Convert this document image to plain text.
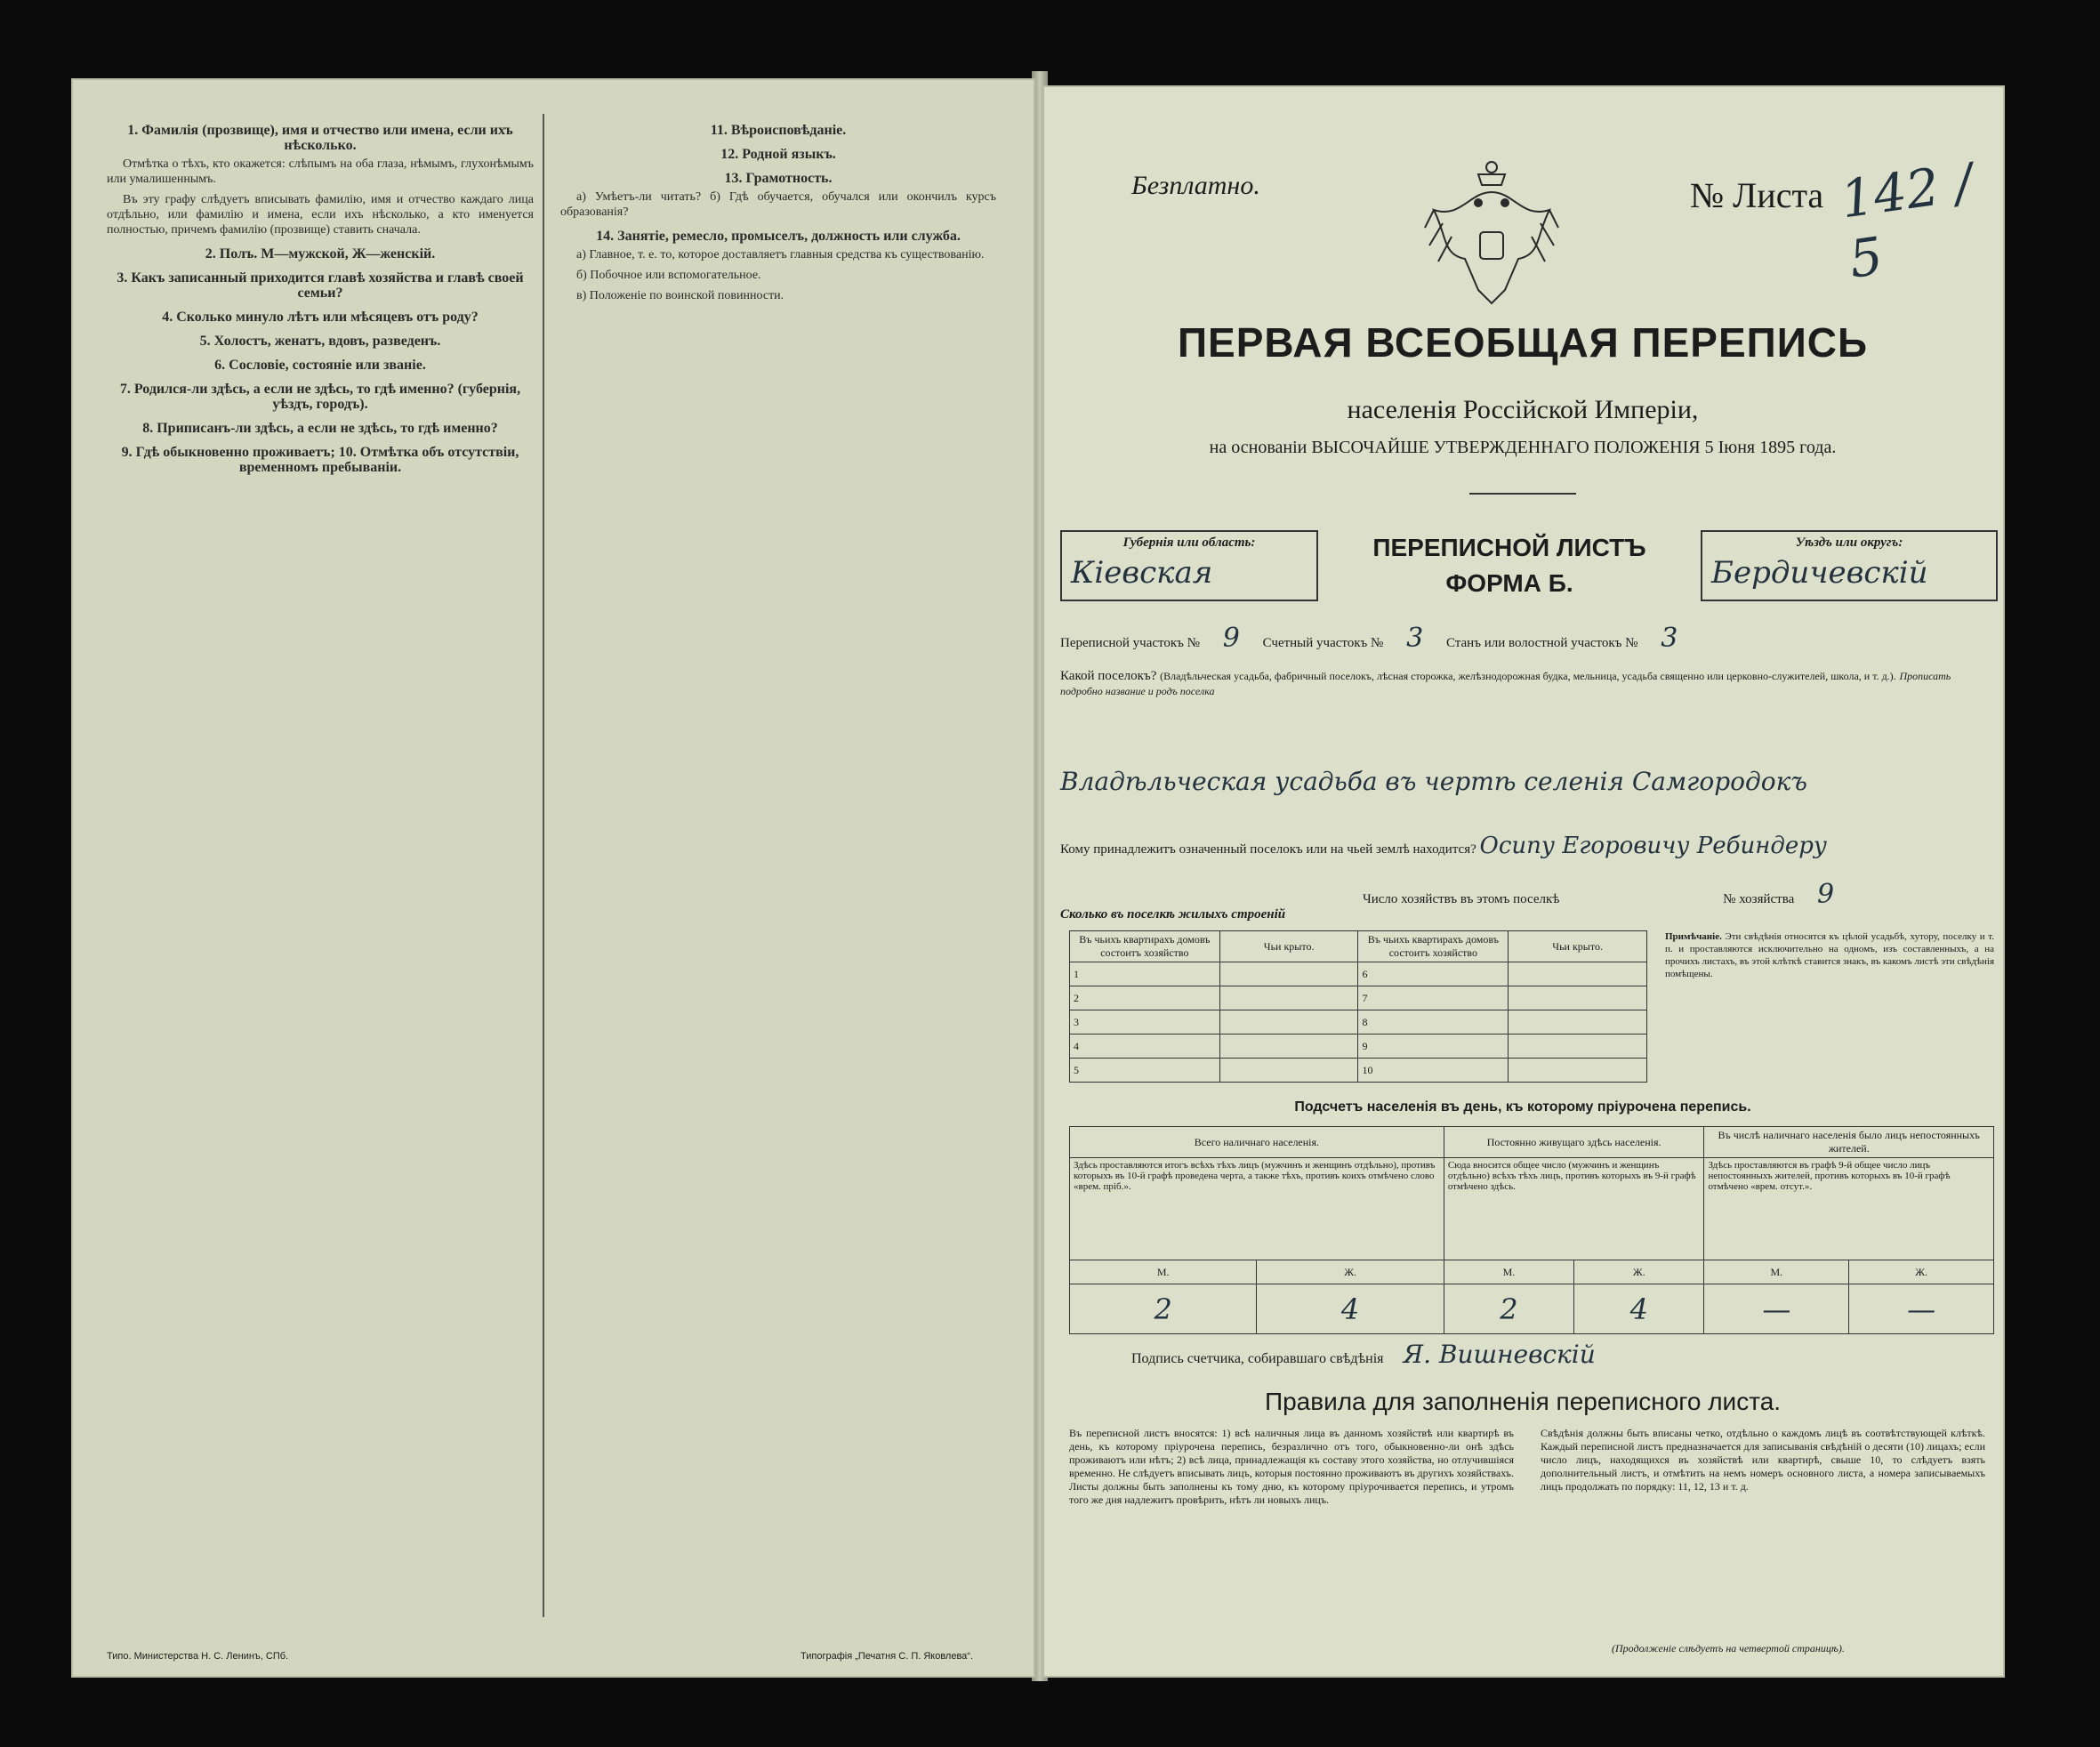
1. Фамилія (прозвище), имя и отчество или имена, если ихъ нѣсколько.

Отмѣтка о тѣхъ, кто окажется: слѣпымъ на оба глаза, нѣмымъ, глухонѣмымъ или умалишеннымъ.

Въ эту графу слѣдуетъ вписывать фамилію, имя и отчество каждаго лица отдѣльно, или фамилію и имена, если ихъ нѣсколько, а кто именуется полностью, причемъ фамилію (прозвище) ставить сначала.

2. Полъ. М—мужской, Ж—женскій.
3. Какъ записанный приходится главѣ хозяйства и главѣ своей семьи?
4. Сколько минуло лѣтъ или мѣсяцевъ отъ роду?
5. Холостъ, женатъ, вдовъ, разведенъ.
6. Сословіе, состояніе или званіе.
7. Родился-ли здѣсь, а если не здѣсь, то гдѣ именно? (губернія, уѣздъ, городъ).
8. Приписанъ-ли здѣсь, а если не здѣсь, то гдѣ именно?
9. Гдѣ обыкновенно проживаетъ; 10. Отмѣтка объ отсутствіи, временномъ пребываніи.
11. Вѣроисповѣданіе.
12. Родной языкъ.
13. Грамотность.

а) Умѣетъ-ли читать? б) Гдѣ обучается, обучался или окончилъ курсъ образованія?

14. Занятіе, ремесло, промыселъ, должность или служба.

а) Главное, т. е. то, которое доставляетъ главныя средства къ существованію.

б) Побочное или вспомогательное.

в) Положеніе по воинской повинности.

Типо. Министерства Н. С. Ленинъ, СПб.	Типографія „Печатня С. П. Яковлева“.
Безплатно.	№ Листа 142 / 5
ПЕРВАЯ ВСЕОБЩАЯ ПЕРЕПИСЬ
населенія Россійской Имперіи,
на основаніи ВЫСОЧАЙШЕ УТВЕРЖДЕННАГО ПОЛОЖЕНІЯ 5 Іюня 1895 года.
Губернія или область:
Кіевская
ПЕРЕПИСНОЙ ЛИСТЪ
ФОРМА Б.
Уѣздъ или округъ:
Бердичевскій
Переписной участокъ № 9 Счетный участокъ № 3 Станъ или волостной участокъ № 3
Какой поселокъ? (Владѣльческая усадьба, фабричный поселокъ, лѣсная сторожка, желѣзнодорожная будка, мельница, усадьба священно или церковно-служителей, школа, и т. д.). Прописать подробно название и родъ поселка
Владѣльческая усадьба въ чертѣ селенія Самгородокъ
Кому принадлежитъ означенный поселокъ или на чьей землѣ находится? Осипу Егоровичу Ребиндеру
Число хозяйствъ въ этомъ поселкѣ	№ хозяйства 9
Сколько въ поселкѣ жилыхъ строеній
Въ чьихъ квартирахъ домовъ состоитъ хозяйство	Чьи крыто.	Въ чьихъ квартирахъ домовъ состоитъ хозяйство	Чьи крыто.
1		6	
2		7	
3		8	
4		9	
5		10	
Примѣчаніе. Эти свѣдѣнія относятся къ цѣлой усадьбѣ, хутору, поселку и т. п. и проставляются исключительно на одномъ, изъ составленныхъ, а на прочихъ листахъ, въ этой клѣткѣ ставится знакъ, въ какомъ листѣ эти свѣдѣнія помѣщены.
Подсчетъ населенія въ день, къ которому пріурочена перепись.
Всего наличнаго населенія.		Постоянно живущаго здѣсь населенія.		Въ числѣ наличнаго населенія было лицъ непостоянныхъ жителей.	
Здѣсь проставляются итогъ всѣхъ тѣхъ лицъ (мужчинъ и женщинъ отдѣльно), противъ которыхъ въ 10-й графѣ проведена черта, а также тѣхъ, противъ коихъ отмѣчено слово «врем. пріб.».		Сюда вносится общее число (мужчинъ и женщинъ отдѣльно) всѣхъ тѣхъ лицъ, противъ которыхъ въ 9-й графѣ отмѣчено здѣсь.		Здѣсь проставляются въ графѣ 9-й общее число лицъ непостоянныхъ жителей, противъ которыхъ въ 10-й графѣ отмѣчено «врем. отсут.».	
М.	Ж.	М.	Ж.	М.	Ж.
2	4	2	4	—	—
Подпись счетчика, собиравшаго свѣдѣнія Я. Вишневскій
Правила для заполненія переписного листа.
Въ переписной листъ вносятся: 1) всѣ наличныя лица въ данномъ хозяйствѣ или квартирѣ въ день, къ которому пріурочена перепись, безразлично отъ того, обыкновенно-ли онѣ здѣсь проживаютъ или нѣтъ; 2) всѣ лица, принадлежащія къ составу этого хозяйства, но отлучившіяся временно. Не слѣдуетъ вписывать лицъ, которыя постоянно проживаютъ въ другихъ хозяйствахъ. Листы должны быть заполнены къ тому дню, къ которому пріурочивается перепись, и утромъ того же дня надлежитъ провѣрить, нѣтъ ли новыхъ лицъ.
Свѣдѣнія должны быть вписаны четко, отдѣльно о каждомъ лицѣ въ соотвѣтствующей клѣткѣ. Каждый переписной листъ предназначается для записыванія свѣдѣній о десяти (10) лицахъ; если число лицъ, находящихся въ хозяйствѣ или квартирѣ, свыше 10, то слѣдуетъ взять дополнительный листъ, и отмѣтить на немъ номеръ основного листа, а номера записываемыхъ лицъ продолжать по порядку: 11, 12, 13 и т. д.
(Продолженіе слѣдуетъ на четвертой страницѣ).
